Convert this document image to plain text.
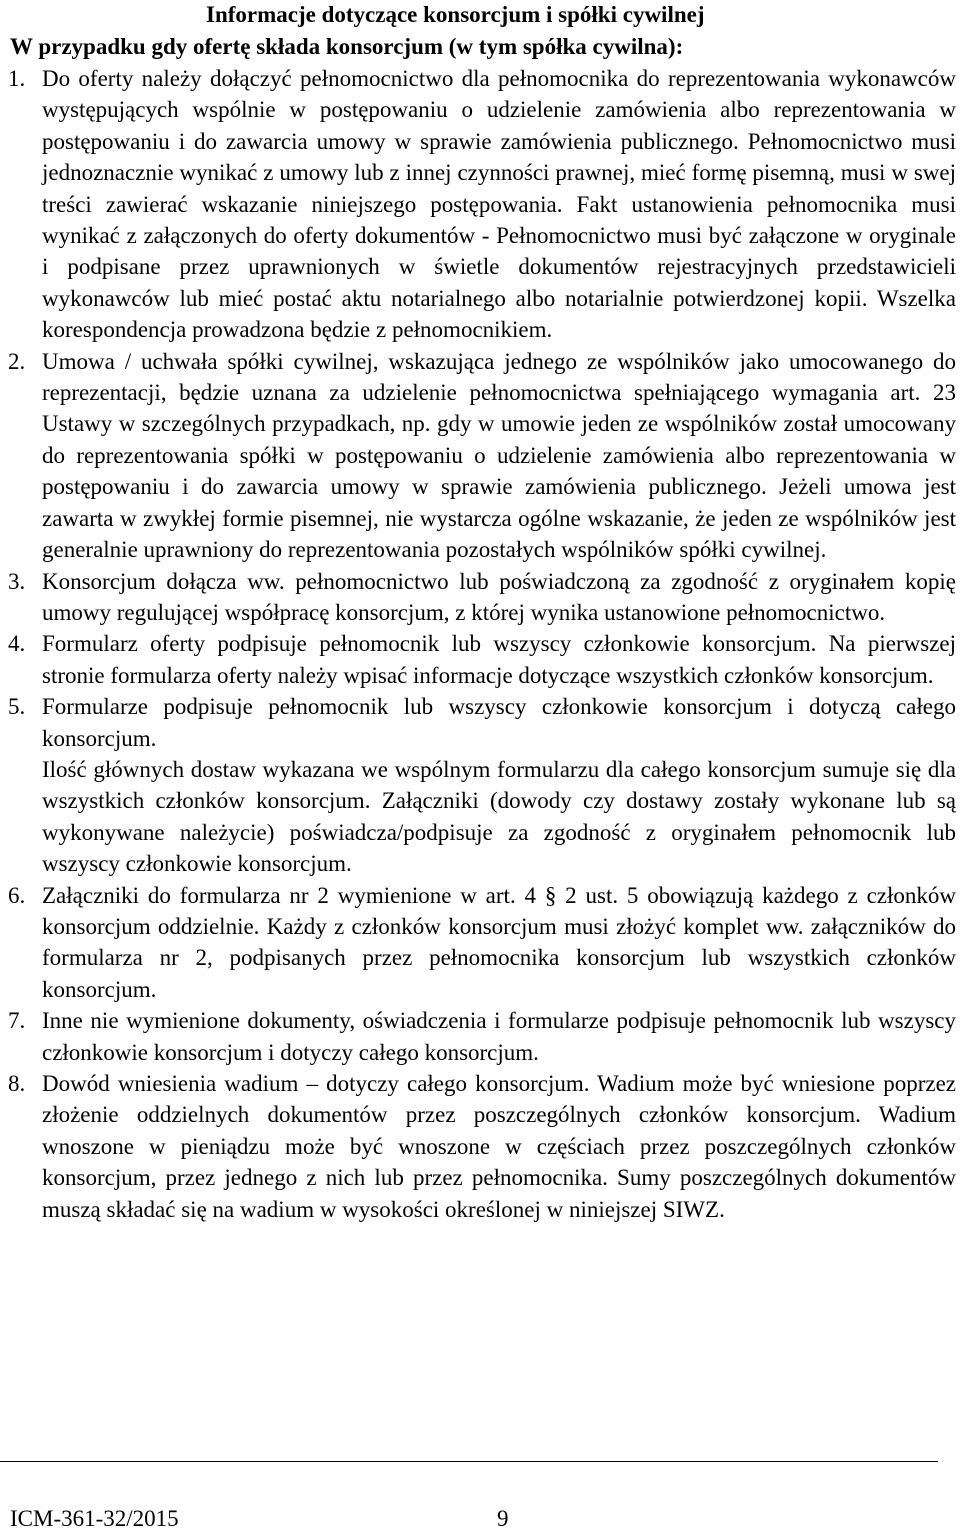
Informacje dotyczące konsorcjum i spółki cywilnej
W przypadku gdy ofertę składa konsorcjum (w tym spółka cywilna):
1. Do oferty należy dołączyć pełnomocnictwo dla pełnomocnika do reprezentowania wykonawców występujących wspólnie w postępowaniu o udzielenie zamówienia albo reprezentowania w postępowaniu i do zawarcia umowy w sprawie zamówienia publicznego. Pełnomocnictwo musi jednoznacznie wynikać z umowy lub z innej czynności prawnej, mieć formę pisemną, musi w swej treści zawierać wskazanie niniejszego postępowania. Fakt ustanowienia pełnomocnika musi wynikać z załączonych do oferty dokumentów - Pełnomocnictwo musi być załączone w oryginale i podpisane przez uprawnionych w świetle dokumentów rejestracyjnych przedstawicieli wykonawców lub mieć postać aktu notarialnego albo notarialnie potwierdzonej kopii. Wszelka korespondencja prowadzona będzie z pełnomocnikiem.
2. Umowa / uchwała spółki cywilnej, wskazująca jednego ze wspólników jako umocowanego do reprezentacji, będzie uznana za udzielenie pełnomocnictwa spełniającego wymagania art. 23 Ustawy w szczególnych przypadkach, np. gdy w umowie jeden ze wspólników został umocowany do reprezentowania spółki w postępowaniu o udzielenie zamówienia albo reprezentowania w postępowaniu i do zawarcia umowy w sprawie zamówienia publicznego. Jeżeli umowa jest zawarta w zwykłej formie pisemnej, nie wystarcza ogólne wskazanie, że jeden ze wspólników jest generalnie uprawniony do reprezentowania pozostałych wspólników spółki cywilnej.
3. Konsorcjum dołącza ww. pełnomocnictwo lub poświadczoną za zgodność z oryginałem kopię umowy regulującej współpracę konsorcjum, z której wynika ustanowione pełnomocnictwo.
4. Formularz oferty podpisuje pełnomocnik lub wszyscy członkowie konsorcjum. Na pierwszej stronie formularza oferty należy wpisać informacje dotyczące wszystkich członków konsorcjum.
5. Formularze podpisuje pełnomocnik lub wszyscy członkowie konsorcjum i dotyczą całego konsorcjum.
Ilość głównych dostaw wykazana we wspólnym formularzu dla całego konsorcjum sumuje się dla wszystkich członków konsorcjum. Załączniki (dowody czy dostawy zostały wykonane lub są wykonywane należycie) poświadcza/podpisuje za zgodność z oryginałem pełnomocnik lub wszyscy członkowie konsorcjum.
6. Załączniki do formularza nr 2 wymienione w art. 4 § 2 ust. 5 obowiązują każdego z członków konsorcjum oddzielnie. Każdy z członków konsorcjum musi złożyć komplet ww. załączników do formularza nr 2, podpisanych przez pełnomocnika konsorcjum lub wszystkich członków konsorcjum.
7. Inne nie wymienione dokumenty, oświadczenia i formularze podpisuje pełnomocnik lub wszyscy członkowie konsorcjum i dotyczy całego konsorcjum.
8. Dowód wniesienia wadium – dotyczy całego konsorcjum. Wadium może być wniesione poprzez złożenie oddzielnych dokumentów przez poszczególnych członków konsorcjum. Wadium wnoszone w pieniądzu może być wnoszone w częściach przez poszczególnych członków konsorcjum, przez jednego z nich lub przez pełnomocnika. Sumy poszczególnych dokumentów muszą składać się na wadium w wysokości określonej w niniejszej SIWZ.
ICM-361-32/2015	9
